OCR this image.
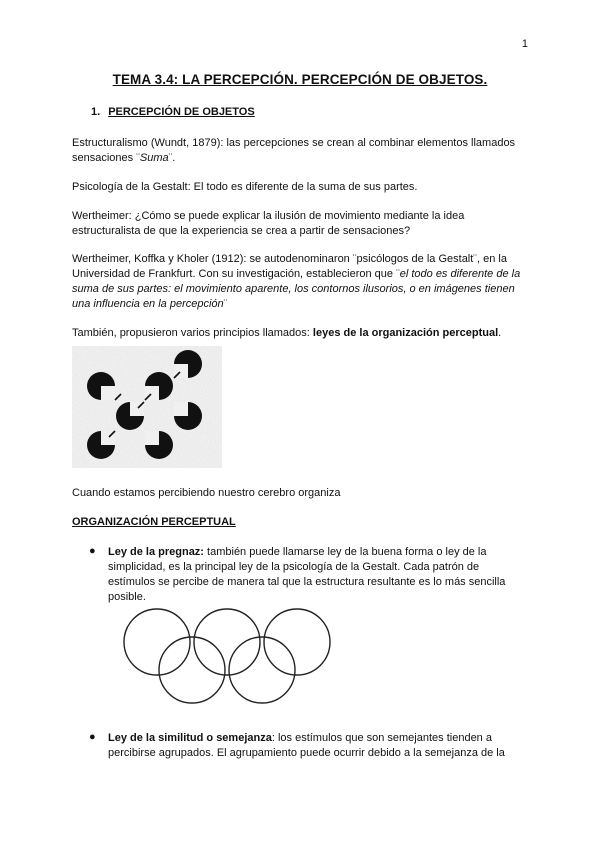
1
TEMA 3.4: LA PERCEPCIÓN. PERCEPCIÓN DE OBJETOS.
1. PERCEPCIÓN DE OBJETOS
Estructuralismo (Wundt, 1879): las percepciones se crean al combinar elementos llamados
sensaciones ¨Suma¨.
Psicología de la Gestalt: El todo es diferente de la suma de sus partes.
Wertheimer: ¿Cómo se puede explicar la ilusión de movimiento mediante la idea
estructuralista de que la experiencia se crea a partir de sensaciones?
Wertheimer, Koffka y Kholer (1912): se autodenominaron ¨psicólogos de la Gestalt¨, en la
Universidad de Frankfurt. Con su investigación, establecieron que ¨el todo es diferente de la
suma de sus partes: el movimiento aparente, los contornos ilusorios, o en imágenes tienen
una influencia en la percepción¨
También, propusieron varios principios llamados: leyes de la organización perceptual.
Cuando estamos percibiendo nuestro cerebro organiza
ORGANIZACIÓN PERCEPTUAL
● Ley de la pregnaz: también puede llamarse ley de la buena forma o ley de la
simplicidad, es la principal ley de la psicología de la Gestalt. Cada patrón de
estímulos se percibe de manera tal que la estructura resultante es lo más sencilla
posible.
● Ley de la similitud o semejanza: los estímulos que son semejantes tienden a
percibirse agrupados. El agrupamiento puede ocurrir debido a la semejanza de la
